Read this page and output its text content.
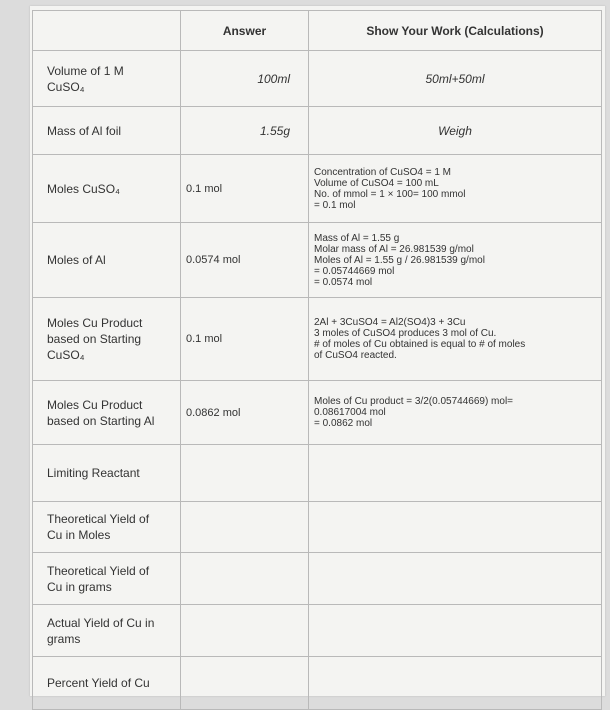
	Answer	Show Your Work (Calculations)

Volume of 1 M
CuSO₄	100ml	50ml+50ml
Mass of Al foil	1.55g	Weigh
Moles CuSO₄	0.1 mol	Concentration of CuSO4 = 1 M
Volume of CuSO4 = 100 mL
No. of mmol = 1 × 100= 100 mmol
= 0.1 mol

Moles of Al	0.0574 mol	Mass of Al = 1.55 g
Molar mass of Al = 26.981539 g/mol
Moles of Al = 1.55 g / 26.981539 g/mol
= 0.05744669 mol
= 0.0574 mol

Moles Cu Product
based on Starting
CuSO₄	0.1 mol	2Al + 3CuSO4 = Al2(SO4)3 + 3Cu
3 moles of CuSO4 produces 3 mol of Cu.
# of moles of Cu obtained is equal to # of moles
of CuSO4 reacted.

Moles Cu Product
based on Starting Al	0.0862 mol	Moles of Cu product = 3/2(0.05744669) mol=
0.08617004 mol
= 0.0862 mol

Limiting Reactant		

Theoretical Yield of
Cu in Moles		

Theoretical Yield of
Cu in grams		

Actual Yield of Cu in
grams		

Percent Yield of Cu		
